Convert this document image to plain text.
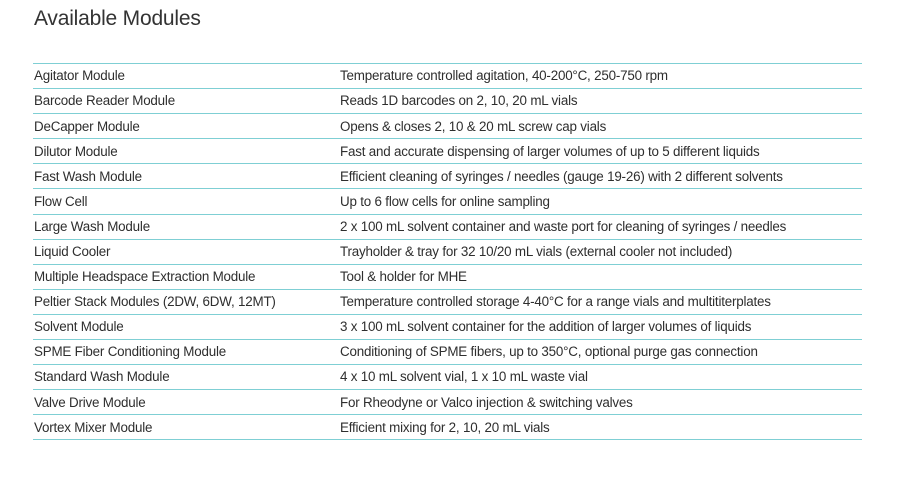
Available Modules
Agitator Module	Temperature controlled agitation, 40-200°C, 250-750 rpm
Barcode Reader Module	Reads 1D barcodes on 2, 10, 20 mL vials
DeCapper Module	Opens & closes 2, 10 & 20 mL screw cap vials
Dilutor Module	Fast and accurate dispensing of larger volumes of up to 5 different liquids
Fast Wash Module	Efficient cleaning of syringes / needles (gauge 19-26) with 2 different solvents
Flow Cell	Up to 6 flow cells for online sampling
Large Wash Module	2 x 100 mL solvent container and waste port for cleaning of syringes / needles
Liquid Cooler	Trayholder & tray for 32 10/20 mL vials (external cooler not included)
Multiple Headspace Extraction Module	Tool & holder for MHE
Peltier Stack Modules (2DW, 6DW, 12MT)	Temperature controlled storage 4-40°C for a range vials and multititerplates
Solvent Module	3 x 100 mL solvent container for the addition of larger volumes of liquids
SPME Fiber Conditioning Module	Conditioning of SPME fibers, up to 350°C, optional purge gas connection
Standard Wash Module	4 x 10 mL solvent vial, 1 x 10 mL waste vial
Valve Drive Module	For Rheodyne or Valco injection & switching valves
Vortex Mixer Module	Efficient mixing for 2, 10, 20 mL vials
